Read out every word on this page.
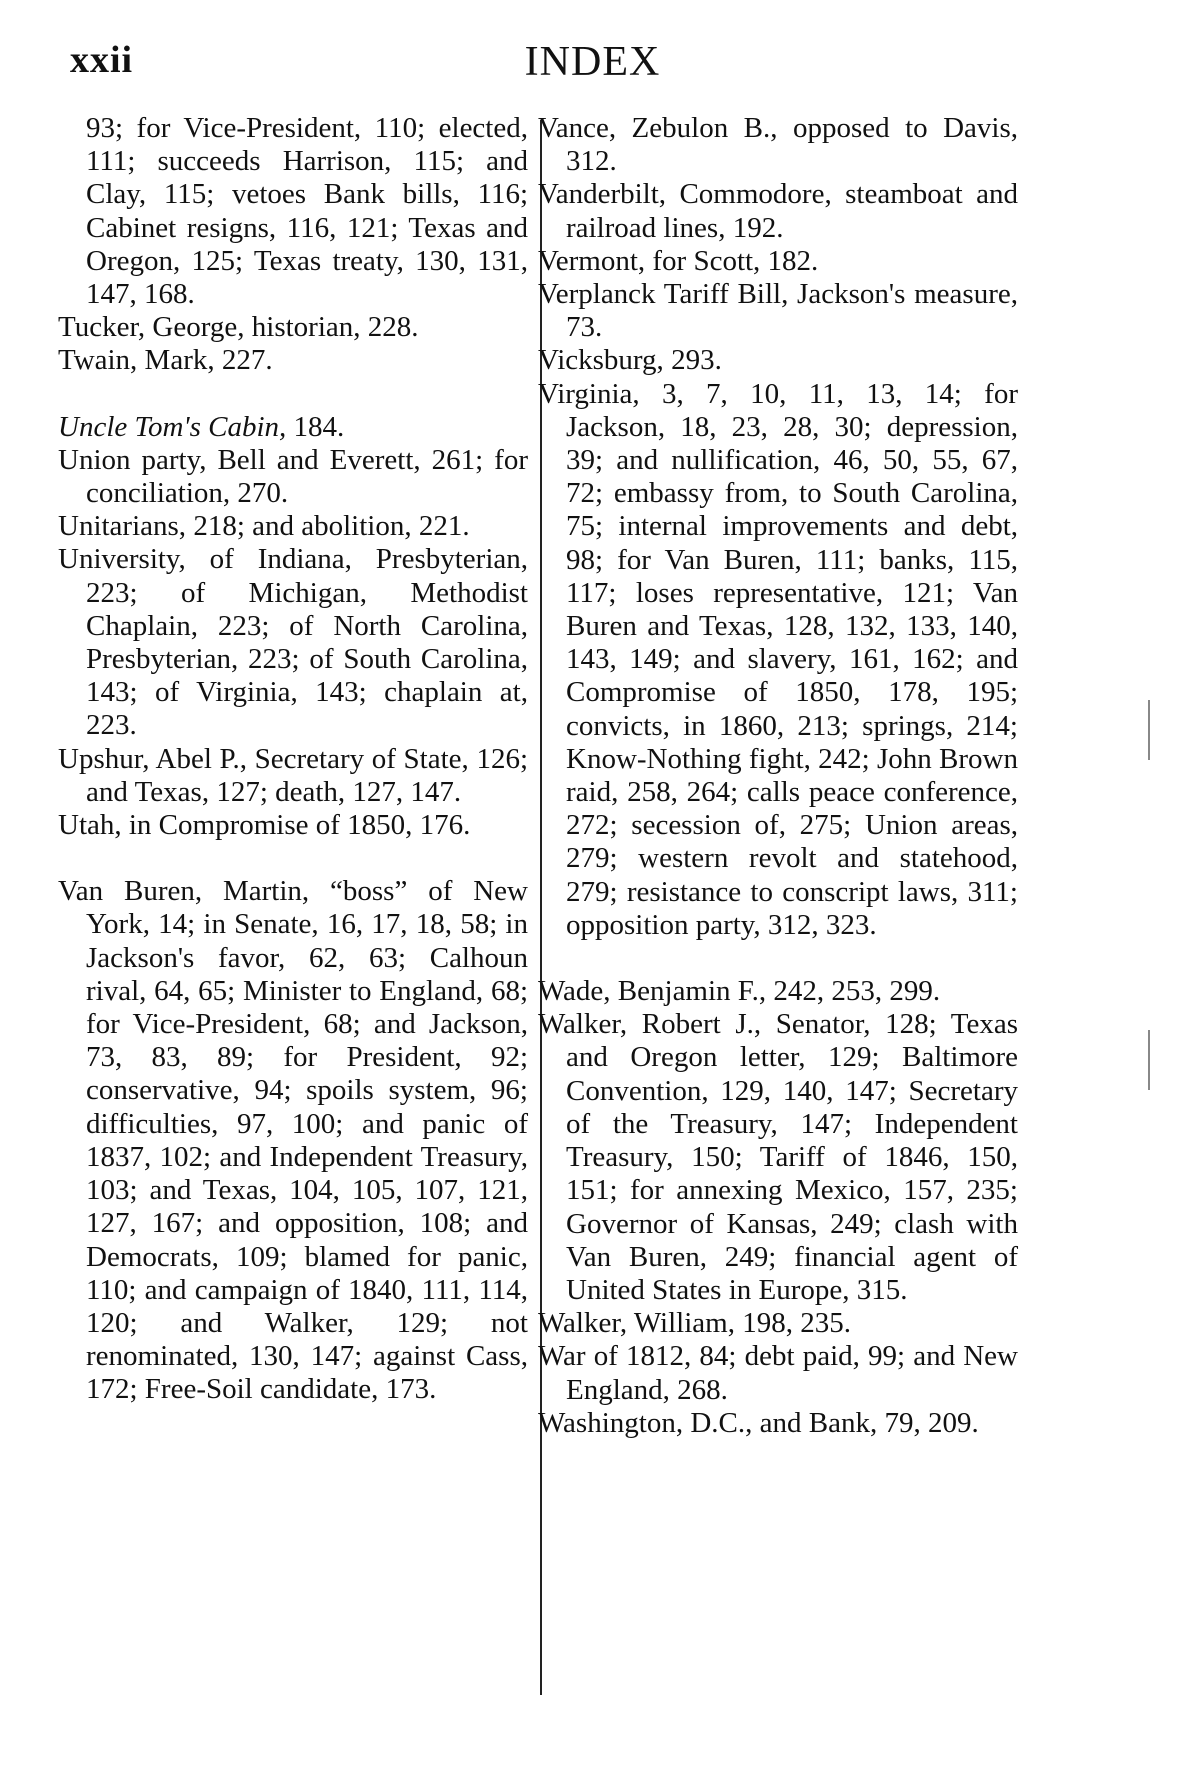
xxii	INDEX
93; for Vice-President, 110; elected, 111; succeeds Harrison, 115; and Clay, 115; vetoes Bank bills, 116; Cabinet resigns, 116, 121; Texas and Oregon, 125; Texas treaty, 130, 131, 147, 168.
Tucker, George, historian, 228.
Twain, Mark, 227.
Uncle Tom's Cabin, 184.
Union party, Bell and Everett, 261; for conciliation, 270.
Unitarians, 218; and abolition, 221.
University, of Indiana, Presbyterian, 223; of Michigan, Methodist Chaplain, 223; of North Carolina, Presbyterian, 223; of South Carolina, 143; of Virginia, 143; chaplain at, 223.
Upshur, Abel P., Secretary of State, 126; and Texas, 127; death, 127, 147.
Utah, in Compromise of 1850, 176.
Van Buren, Martin, “boss” of New York, 14; in Senate, 16, 17, 18, 58; in Jackson's favor, 62, 63; Calhoun rival, 64, 65; Minister to England, 68; for Vice-President, 68; and Jackson, 73, 83, 89; for President, 92; conservative, 94; spoils system, 96; difficulties, 97, 100; and panic of 1837, 102; and Independent Treasury, 103; and Texas, 104, 105, 107, 121, 127, 167; and opposition, 108; and Democrats, 109; blamed for panic, 110; and campaign of 1840, 111, 114, 120; and Walker, 129; not renominated, 130, 147; against Cass, 172; Free-Soil candidate, 173.
Vance, Zebulon B., opposed to Davis, 312.
Vanderbilt, Commodore, steamboat and railroad lines, 192.
Vermont, for Scott, 182.
Verplanck Tariff Bill, Jackson's measure, 73.
Vicksburg, 293.
Virginia, 3, 7, 10, 11, 13, 14; for Jackson, 18, 23, 28, 30; depression, 39; and nullification, 46, 50, 55, 67, 72; embassy from, to South Carolina, 75; internal improvements and debt, 98; for Van Buren, 111; banks, 115, 117; loses representative, 121; Van Buren and Texas, 128, 132, 133, 140, 143, 149; and slavery, 161, 162; and Compromise of 1850, 178, 195; convicts, in 1860, 213; springs, 214; Know-Nothing fight, 242; John Brown raid, 258, 264; calls peace conference, 272; secession of, 275; Union areas, 279; western revolt and statehood, 279; resistance to conscript laws, 311; opposition party, 312, 323.
Wade, Benjamin F., 242, 253, 299.
Walker, Robert J., Senator, 128; Texas and Oregon letter, 129; Baltimore Convention, 129, 140, 147; Secretary of the Treasury, 147; Independent Treasury, 150; Tariff of 1846, 150, 151; for annexing Mexico, 157, 235; Governor of Kansas, 249; clash with Van Buren, 249; financial agent of United States in Europe, 315.
Walker, William, 198, 235.
War of 1812, 84; debt paid, 99; and New England, 268.
Washington, D.C., and Bank, 79, 209.
